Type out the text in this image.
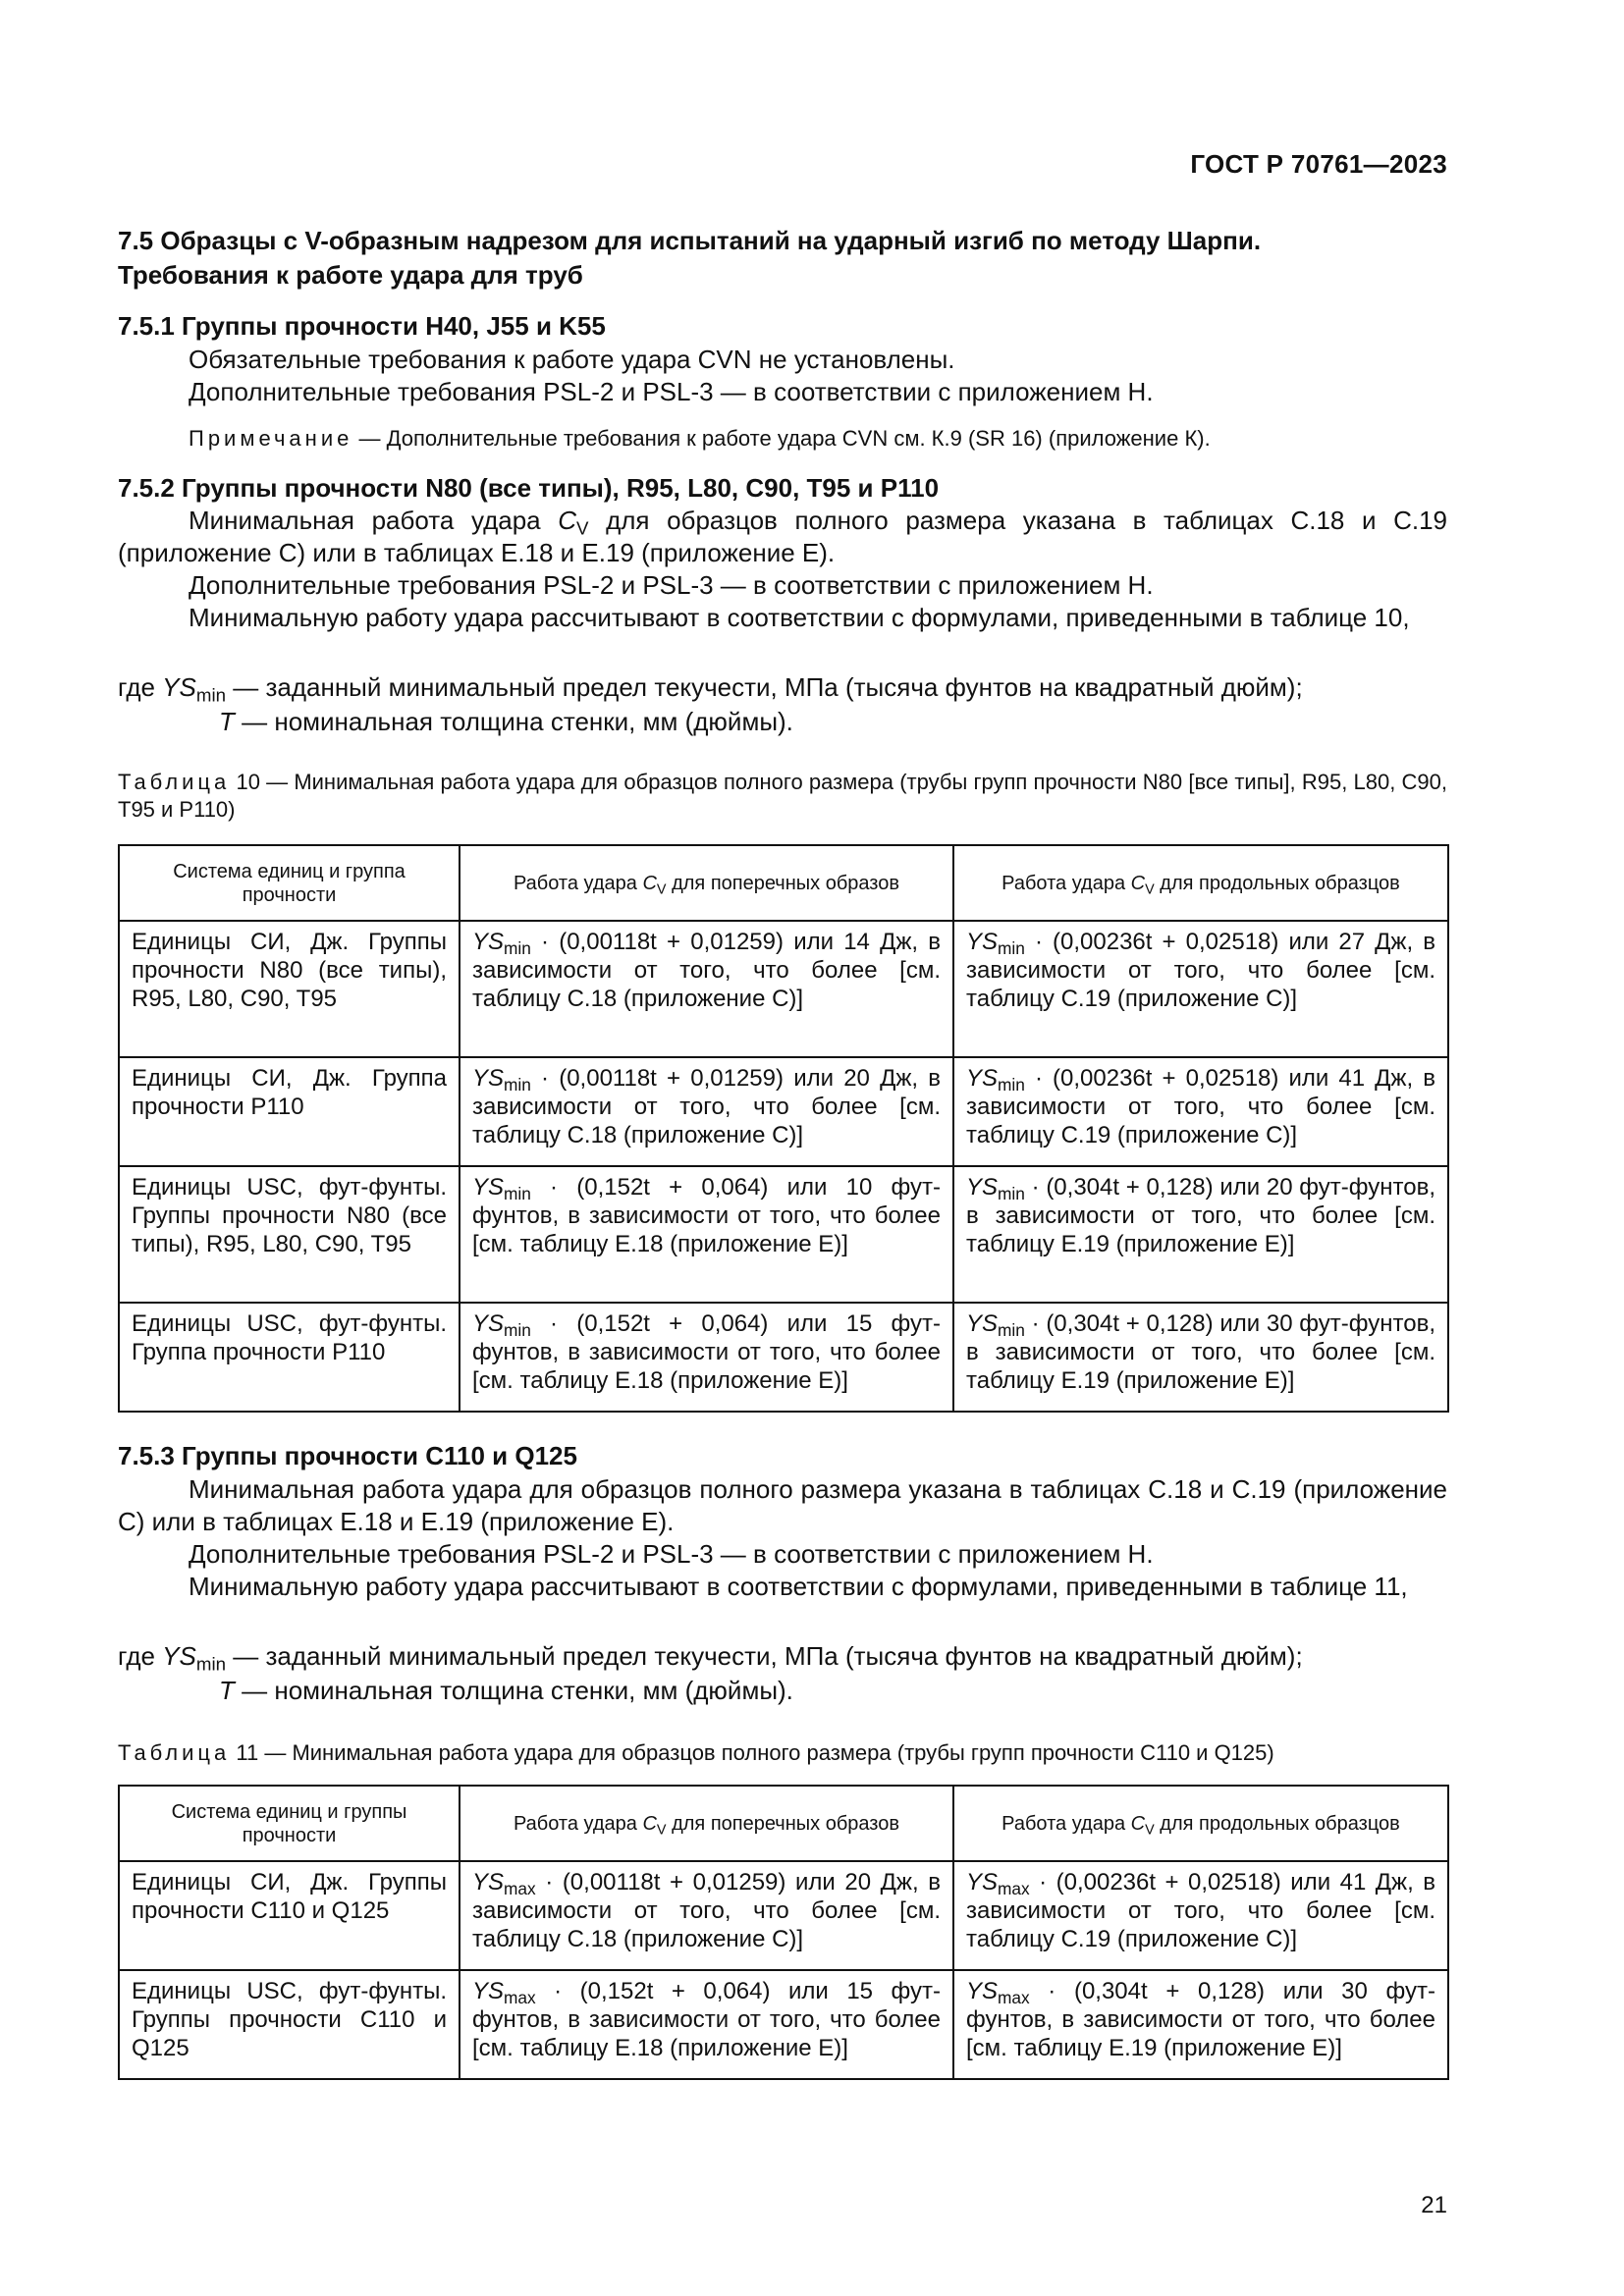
ГОСТ Р 70761—2023
7.5 Образцы с V-образным надрезом для испытаний на ударный изгиб по методу Шарпи.
Требования к работе удара для труб
7.5.1 Группы прочности H40, J55 и K55
Обязательные требования к работе удара CVN не установлены.
Дополнительные требования PSL-2 и PSL-3 — в соответствии с приложением Н.
Примечание — Дополнительные требования к работе удара CVN см. К.9 (SR 16) (приложение К).
7.5.2 Группы прочности N80 (все типы), R95, L80, C90, T95 и P110
Минимальная работа удара $C_V$ для образцов полного размера указана в таблицах С.18 и С.19 (приложение С) или в таблицах Е.18 и Е.19 (приложение Е).
Дополнительные требования PSL-2 и PSL-3 — в соответствии с приложением Н.
Минимальную работу удара рассчитывают в соответствии с формулами, приведенными в таблице 10,
где $YS_{min}$ — заданный минимальный предел текучести, МПа (тысяча фунтов на квадратный дюйм);
T — номинальная толщина стенки, мм (дюймы).
Таблица 10 — Минимальная работа удара для образцов полного размера (трубы групп прочности N80 [все типы], R95, L80, C90, T95 и P110)
Система единиц и группа прочности	Работа удара $C_V$ для поперечных образов	Работа удара $C_V$ для продольных образцов
Единицы СИ, Дж. Группы прочности N80 (все типы), R95, L80, C90, T95	$YS_{min} \cdot (0,00118t + 0,01259)$ или 14 Дж, в зависимости от того, что более [см. таблицу С.18 (приложение С)]	$YS_{min} \cdot (0,00236t + 0,02518)$ или 27 Дж, в зависимости от того, что более [см. таблицу С.19 (приложение С)]
Единицы СИ, Дж. Группа прочности P110	$YS_{min} \cdot (0,00118t + 0,01259)$ или 20 Дж, в зависимости от того, что более [см. таблицу С.18 (приложение С)]	$YS_{min} \cdot (0,00236t + 0,02518)$ или 41 Дж, в зависимости от того, что более [см. таблицу С.19 (приложение С)]
Единицы USC, фут-фунты. Группы прочности N80 (все типы), R95, L80, C90, T95	$YS_{min} \cdot (0,152t + 0,064)$ или 10 фут-фунтов, в зависимости от того, что более [см. таблицу Е.18 (приложение Е)]	$YS_{min} \cdot (0,304t + 0,128)$ или 20 фут-фунтов, в зависимости от того, что более [см. таблицу Е.19 (приложение Е)]
Единицы USC, фут-фунты. Группа прочности P110	$YS_{min} \cdot (0,152t + 0,064)$ или 15 фут-фунтов, в зависимости от того, что более [см. таблицу Е.18 (приложение Е)]	$YS_{min} \cdot (0,304t + 0,128)$ или 30 фут-фунтов, в зависимости от того, что более [см. таблицу Е.19 (приложение Е)]
7.5.3 Группы прочности C110 и Q125
Минимальная работа удара для образцов полного размера указана в таблицах С.18 и С.19 (приложение С) или в таблицах Е.18 и Е.19 (приложение Е).
Дополнительные требования PSL-2 и PSL-3 — в соответствии с приложением Н.
Минимальную работу удара рассчитывают в соответствии с формулами, приведенными в таблице 11,
где $YS_{min}$ — заданный минимальный предел текучести, МПа (тысяча фунтов на квадратный дюйм);
T — номинальная толщина стенки, мм (дюймы).
Таблица 11 — Минимальная работа удара для образцов полного размера (трубы групп прочности C110 и Q125)
Система единиц и группы прочности	Работа удара $C_V$ для поперечных образов	Работа удара $C_V$ для продольных образцов
Единицы СИ, Дж. Группы прочности C110 и Q125	$YS_{max} \cdot (0,00118t + 0,01259)$ или 20 Дж, в зависимости от того, что более [см. таблицу С.18 (приложение С)]	$YS_{max} \cdot (0,00236t + 0,02518)$ или 41 Дж, в зависимости от того, что более [см. таблицу С.19 (приложение С)]
Единицы USC, фут-фунты. Группы прочности C110 и Q125	$YS_{max} \cdot (0,152t + 0,064)$ или 15 фут-фунтов, в зависимости от того, что более [см. таблицу Е.18 (приложение Е)]	$YS_{max} \cdot (0,304t + 0,128)$ или 30 фут-фунтов, в зависимости от того, что более [см. таблицу Е.19 (приложение Е)]
21
